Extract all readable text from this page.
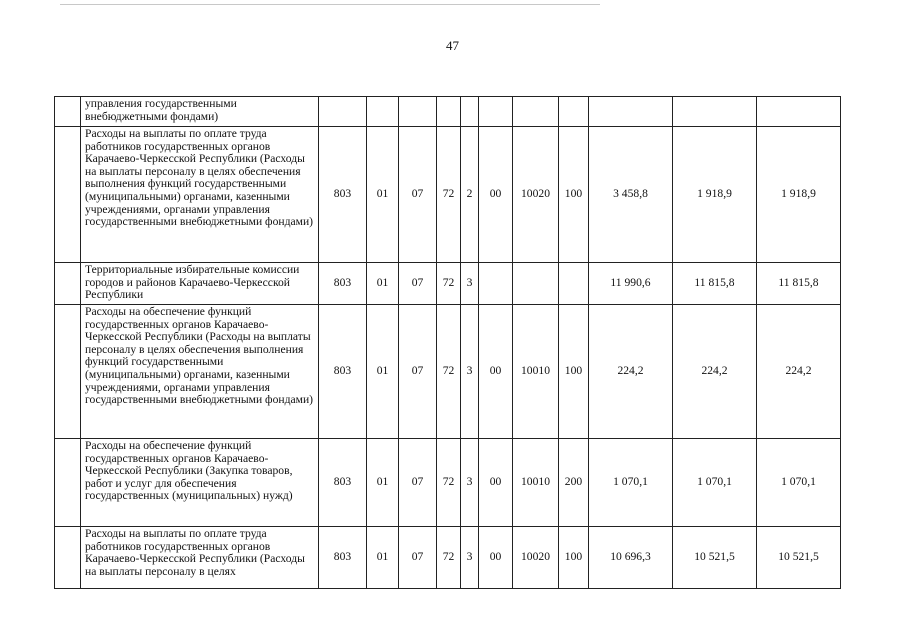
47
	управления государственными внебюджетными фондами)											
	Расходы на выплаты по оплате труда работников государственных органов Карачаево-Черкесской Республики (Расходы на выплаты персоналу в целях обеспечения выполнения функций государственными (муниципальными) органами, казенными учреждениями, органами управления государственными внебюджетными фондами)	803	01	07	72	2	00	10020	100	3 458,8	1 918,9	1 918,9
	Территориальные избирательные комиссии городов и районов Карачаево-Черкесской Республики	803	01	07	72	3				11 990,6	11 815,8	11 815,8
	Расходы на обеспечение функций государственных органов Карачаево-Черкесской Республики (Расходы на выплаты персоналу в целях обеспечения выполнения функций государственными (муниципальными) органами, казенными учреждениями, органами управления государственными внебюджетными фондами)	803	01	07	72	3	00	10010	100	224,2	224,2	224,2
	Расходы на обеспечение функций государственных органов Карачаево-Черкесской Республики (Закупка товаров, работ и услуг для обеспечения государственных (муниципальных) нужд)	803	01	07	72	3	00	10010	200	1 070,1	1 070,1	1 070,1
	Расходы на выплаты по оплате труда работников государственных органов Карачаево-Черкесской Республики (Расходы на выплаты персоналу в целях	803	01	07	72	3	00	10020	100	10 696,3	10 521,5	10 521,5
